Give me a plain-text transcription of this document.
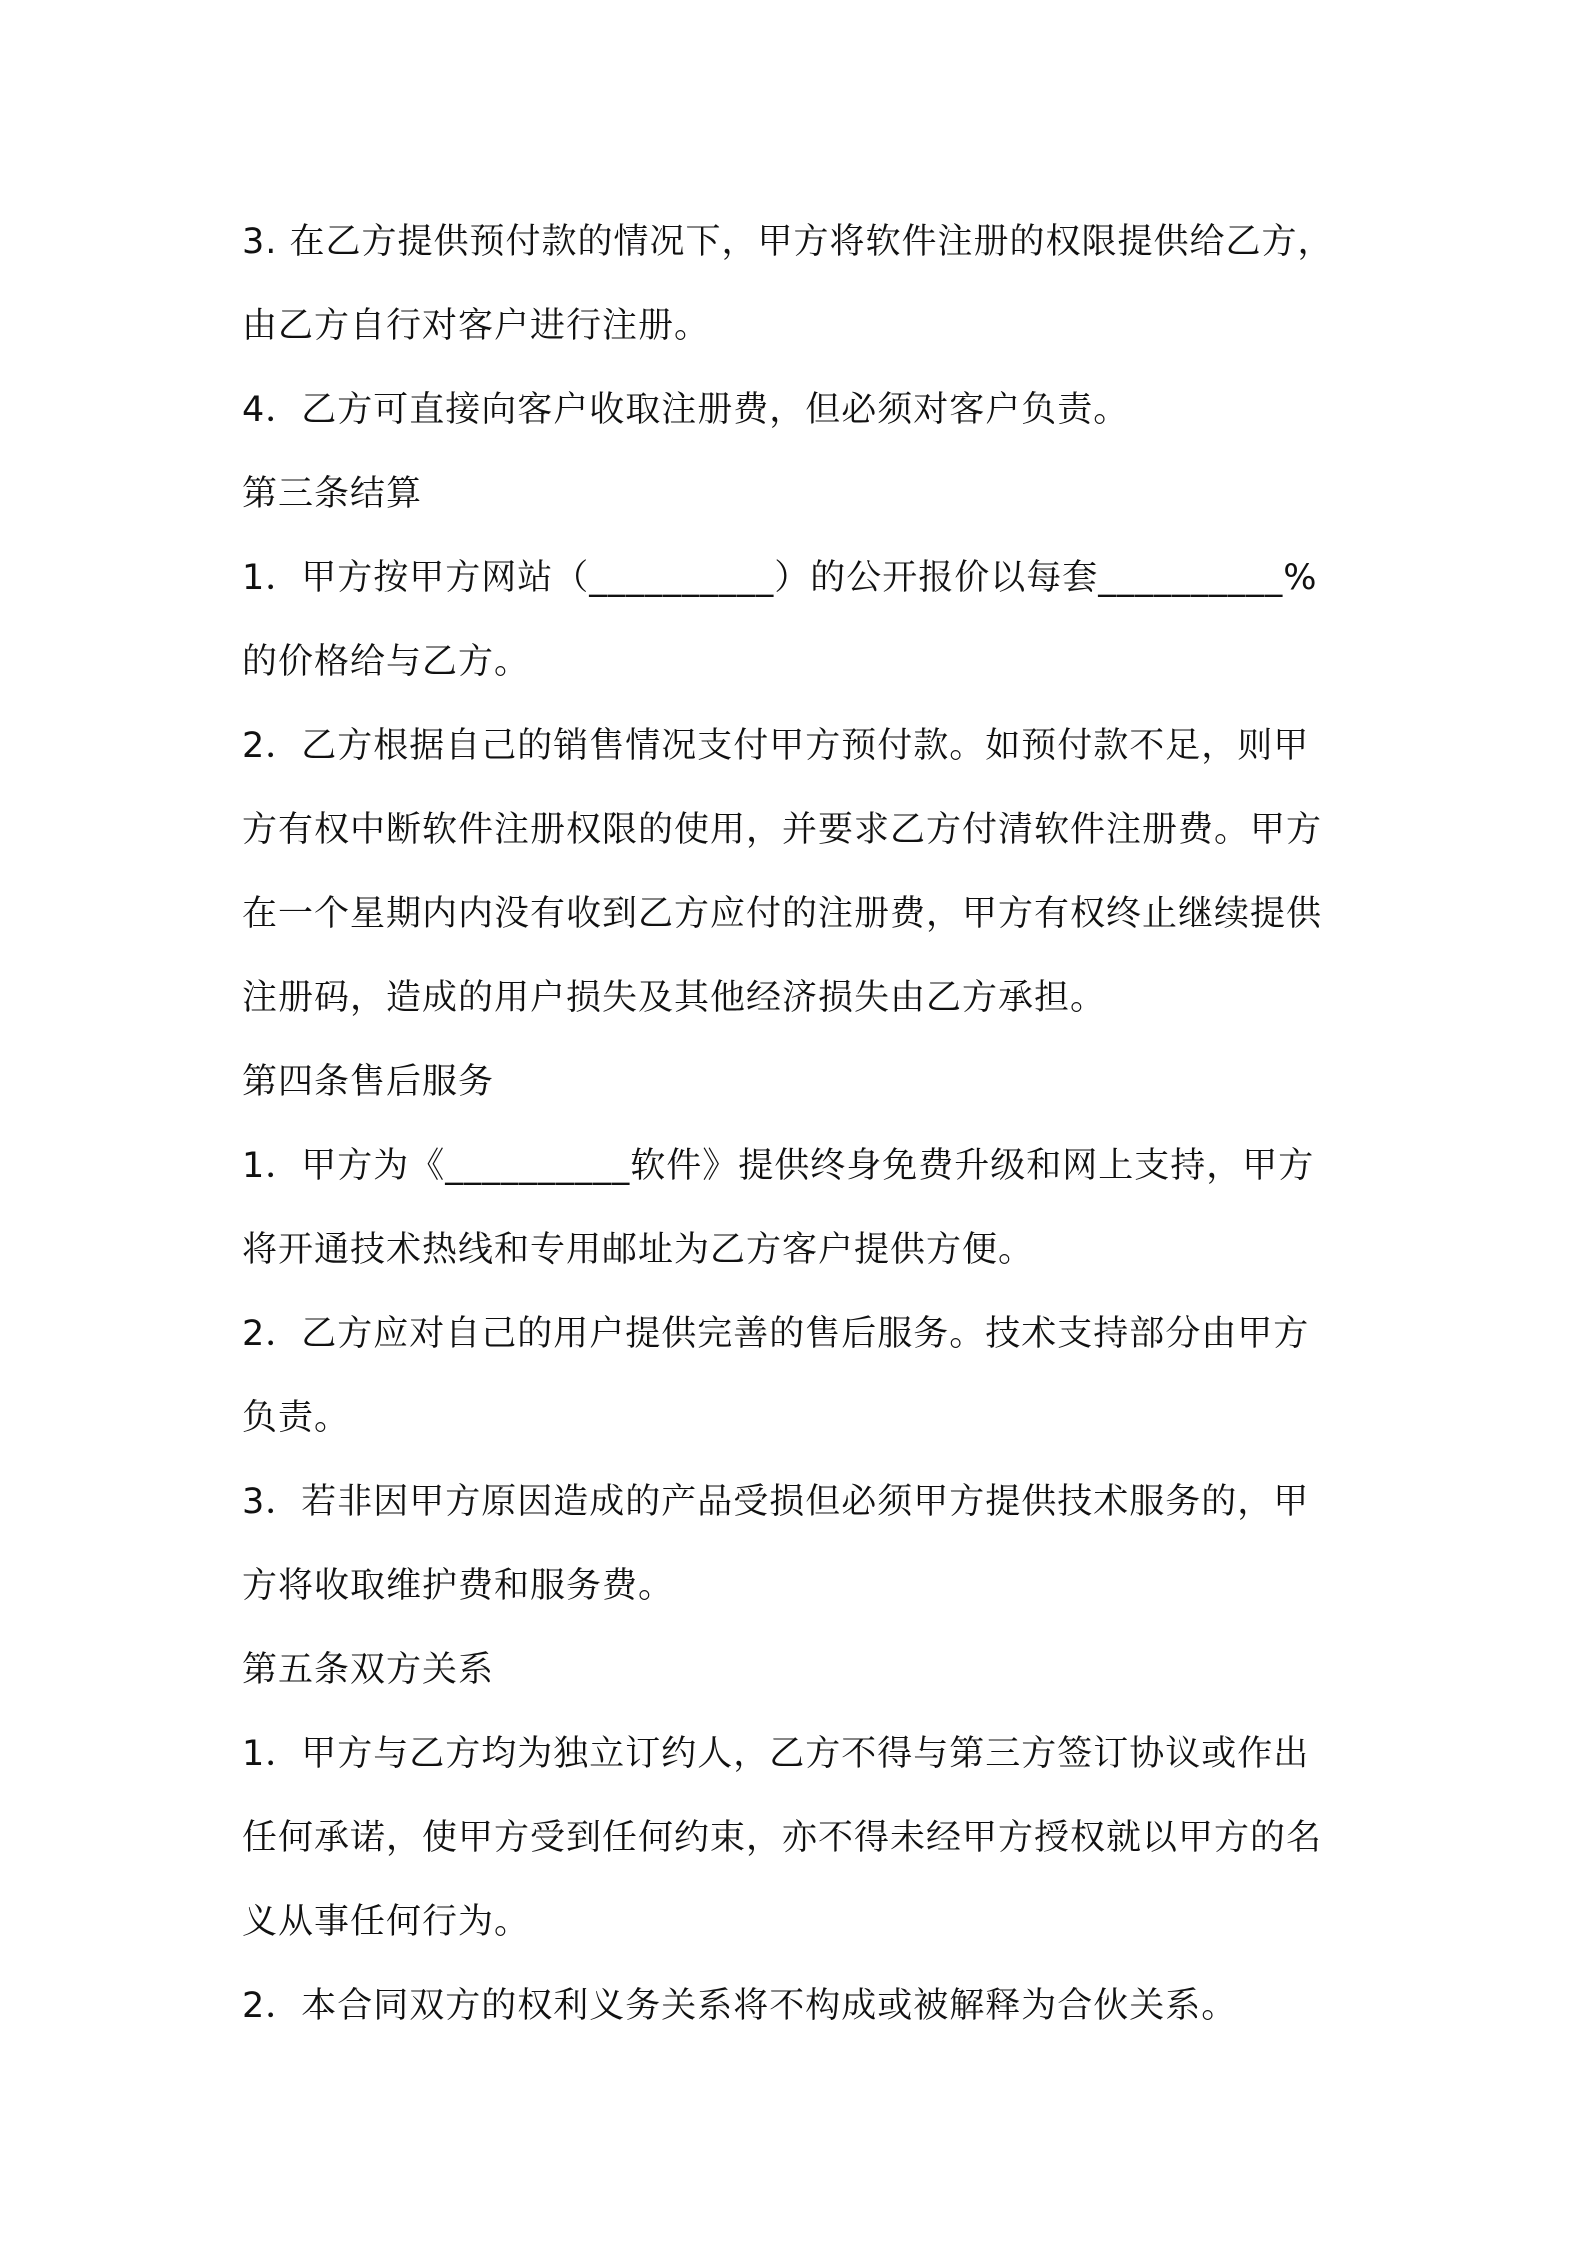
3. 在乙方提供预付款的情况下，甲方将软件注册的权限提供给乙方，
由乙方自行对客户进行注册。
4．乙方可直接向客户收取注册费，但必须对客户负责。
第三条结算
1．甲方按甲方网站（__________）的公开报价以每套__________%
的价格给与乙方。
2．乙方根据自己的销售情况支付甲方预付款。如预付款不足，则甲
方有权中断软件注册权限的使用，并要求乙方付清软件注册费。甲方
在一个星期内内没有收到乙方应付的注册费，甲方有权终止继续提供
注册码，造成的用户损失及其他经济损失由乙方承担。
第四条售后服务
1．甲方为《__________软件》提供终身免费升级和网上支持，甲方
将开通技术热线和专用邮址为乙方客户提供方便。
2．乙方应对自己的用户提供完善的售后服务。技术支持部分由甲方
负责。
3．若非因甲方原因造成的产品受损但必须甲方提供技术服务的，甲
方将收取维护费和服务费。
第五条双方关系
1．甲方与乙方均为独立订约人，乙方不得与第三方签订协议或作出
任何承诺，使甲方受到任何约束，亦不得未经甲方授权就以甲方的名
义从事任何行为。
2．本合同双方的权利义务关系将不构成或被解释为合伙关系。
